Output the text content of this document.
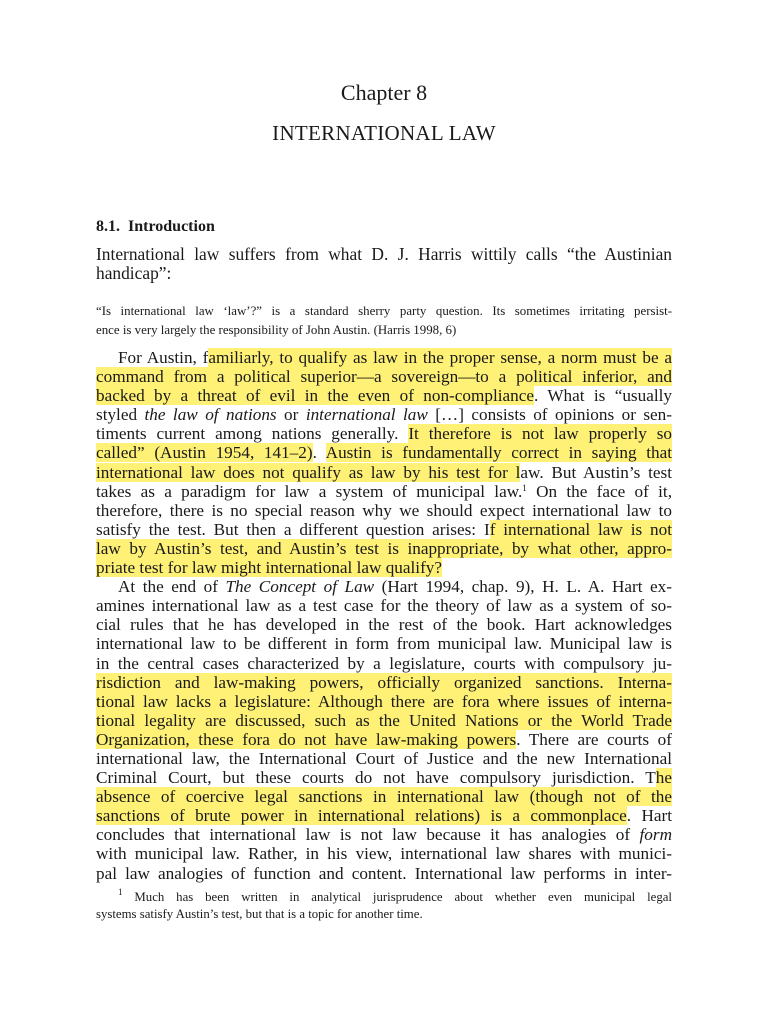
Chapter 8
INTERNATIONAL LAW
8.1. Introduction
International law suffers from what D. J. Harris wittily calls “the Austinian
handicap”:
“Is international law ‘law’?” is a standard sherry party question. Its sometimes irritating persist-
ence is very largely the responsibility of John Austin. (Harris 1998, 6)
For Austin, familiarly, to qualify as law in the proper sense, a norm must be a
command from a political superior—a sovereign—to a political inferior, and
backed by a threat of evil in the even of non-compliance. What is “usually
styled the law of nations or international law […] consists of opinions or sen-
timents current among nations generally. It therefore is not law properly so
called” (Austin 1954, 141–2). Austin is fundamentally correct in saying that
international law does not qualify as law by his test for law. But Austin’s test
takes as a paradigm for law a system of municipal law.$^1$ On the face of it,
therefore, there is no special reason why we should expect international law to
satisfy the test. But then a different question arises: If international law is not
law by Austin’s test, and Austin’s test is inappropriate, by what other, appro-
priate test for law might international law qualify?
At the end of The Concept of Law (Hart 1994, chap. 9), H. L. A. Hart ex-
amines international law as a test case for the theory of law as a system of so-
cial rules that he has developed in the rest of the book. Hart acknowledges
international law to be different in form from municipal law. Municipal law is
in the central cases characterized by a legislature, courts with compulsory ju-
risdiction and law-making powers, officially organized sanctions. Interna-
tional law lacks a legislature: Although there are fora where issues of interna-
tional legality are discussed, such as the United Nations or the World Trade
Organization, these fora do not have law-making powers. There are courts of
international law, the International Court of Justice and the new International
Criminal Court, but these courts do not have compulsory jurisdiction. The
absence of coercive legal sanctions in international law (though not of the
sanctions of brute power in international relations) is a commonplace. Hart
concludes that international law is not law because it has analogies of form
with municipal law. Rather, in his view, international law shares with munici-
pal law analogies of function and content. International law performs in inter-
$^1$ Much has been written in analytical jurisprudence about whether even municipal legal
systems satisfy Austin’s test, but that is a topic for another time.
